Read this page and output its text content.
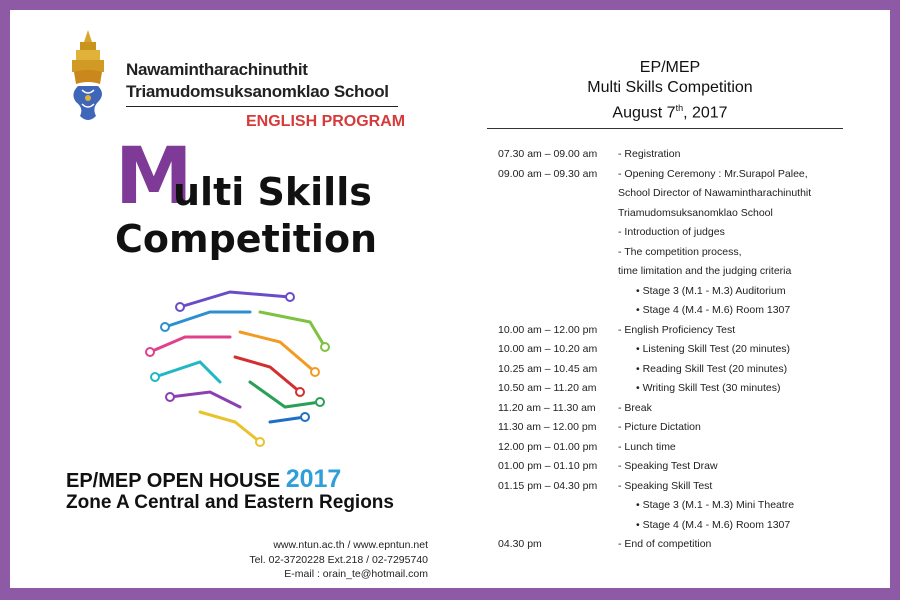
Nawamintharachinuthit
Triamudomsuksanomklao School
ENGLISH PROGRAM
M
ulti Skills
Competition
EP/MEP OPEN HOUSE 2017
Zone A Central and Eastern Regions
www.ntun.ac.th / www.epntun.net
Tel. 02-3720228 Ext.218 / 02-7295740
E-mail : orain_te@hotmail.com
EP/MEP
Multi Skills Competition
August 7th, 2017
07.30 am – 09.00 am	- Registration
09.00 am – 09.30 am	- Opening Ceremony : Mr.Surapol Palee,
School Director of Nawamintharachinuthit
Triamudomsuksanomklao School
- Introduction of judges
- The competition process,
time limitation and the judging criteria
• Stage 3 (M.1 - M.3) Auditorium
• Stage 4 (M.4 - M.6) Room 1307
10.00 am – 12.00 pm	- English Proficiency Test
10.00 am – 10.20 am	• Listening Skill Test (20 minutes)
10.25 am – 10.45 am	• Reading Skill Test (20 minutes)
10.50 am – 11.20 am	• Writing Skill Test (30 minutes)
11.20 am – 11.30 am	- Break
11.30 am – 12.00 pm	- Picture Dictation
12.00 pm – 01.00 pm	- Lunch time
01.00 pm – 01.10 pm	- Speaking Test Draw
01.15 pm – 04.30 pm	- Speaking Skill Test
• Stage 3 (M.1 - M.3) Mini Theatre
• Stage 4 (M.4 - M.6) Room 1307
04.30 pm	- End of competition
